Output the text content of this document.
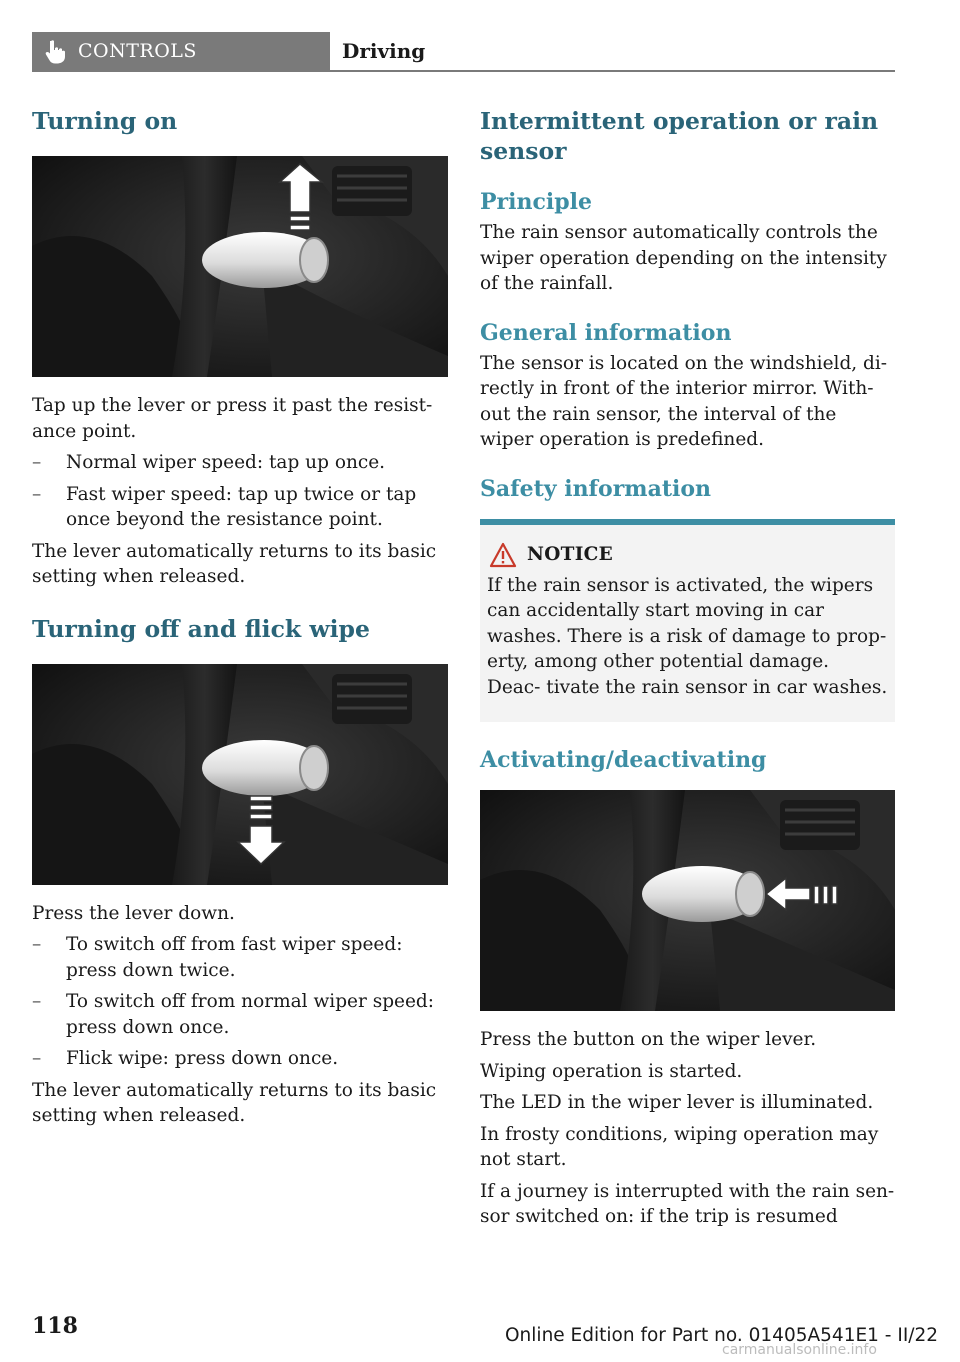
CONTROLS	Driving
Turning on

Tap up the lever or press it past the resist‐ ance point.

– Normal wiper speed: tap up once.
– Fast wiper speed: tap up twice or tap once beyond the resistance point.

The lever automatically returns to its basic setting when released.

Turning off and flick wipe

Press the lever down.

– To switch off from fast wiper speed: press down twice.
– To switch off from normal wiper speed: press down once.
– Flick wipe: press down once.

The lever automatically returns to its basic setting when released.

Intermittent operation or rain sensor
Principle

The rain sensor automatically controls the wiper operation depending on the intensity of the rainfall.

General information

The sensor is located on the windshield, di‐ rectly in front of the interior mirror. With‐ out the rain sensor, the interval of the wiper operation is predefined.

Safety information
NOTICE

If the rain sensor is activated, the wipers can accidentally start moving in car washes. There is a risk of damage to prop‐ erty, among other potential damage. Deac‐ tivate the rain sensor in car washes.

Activating/deactivating

Press the button on the wiper lever.

Wiping operation is started.

The LED in the wiper lever is illuminated.

In frosty conditions, wiping operation may not start.

If a journey is interrupted with the rain sen‐ sor switched on: if the trip is resumed

118	Online Edition for Part no. 01405A541E1 - II/22
carmanualsonline.info
